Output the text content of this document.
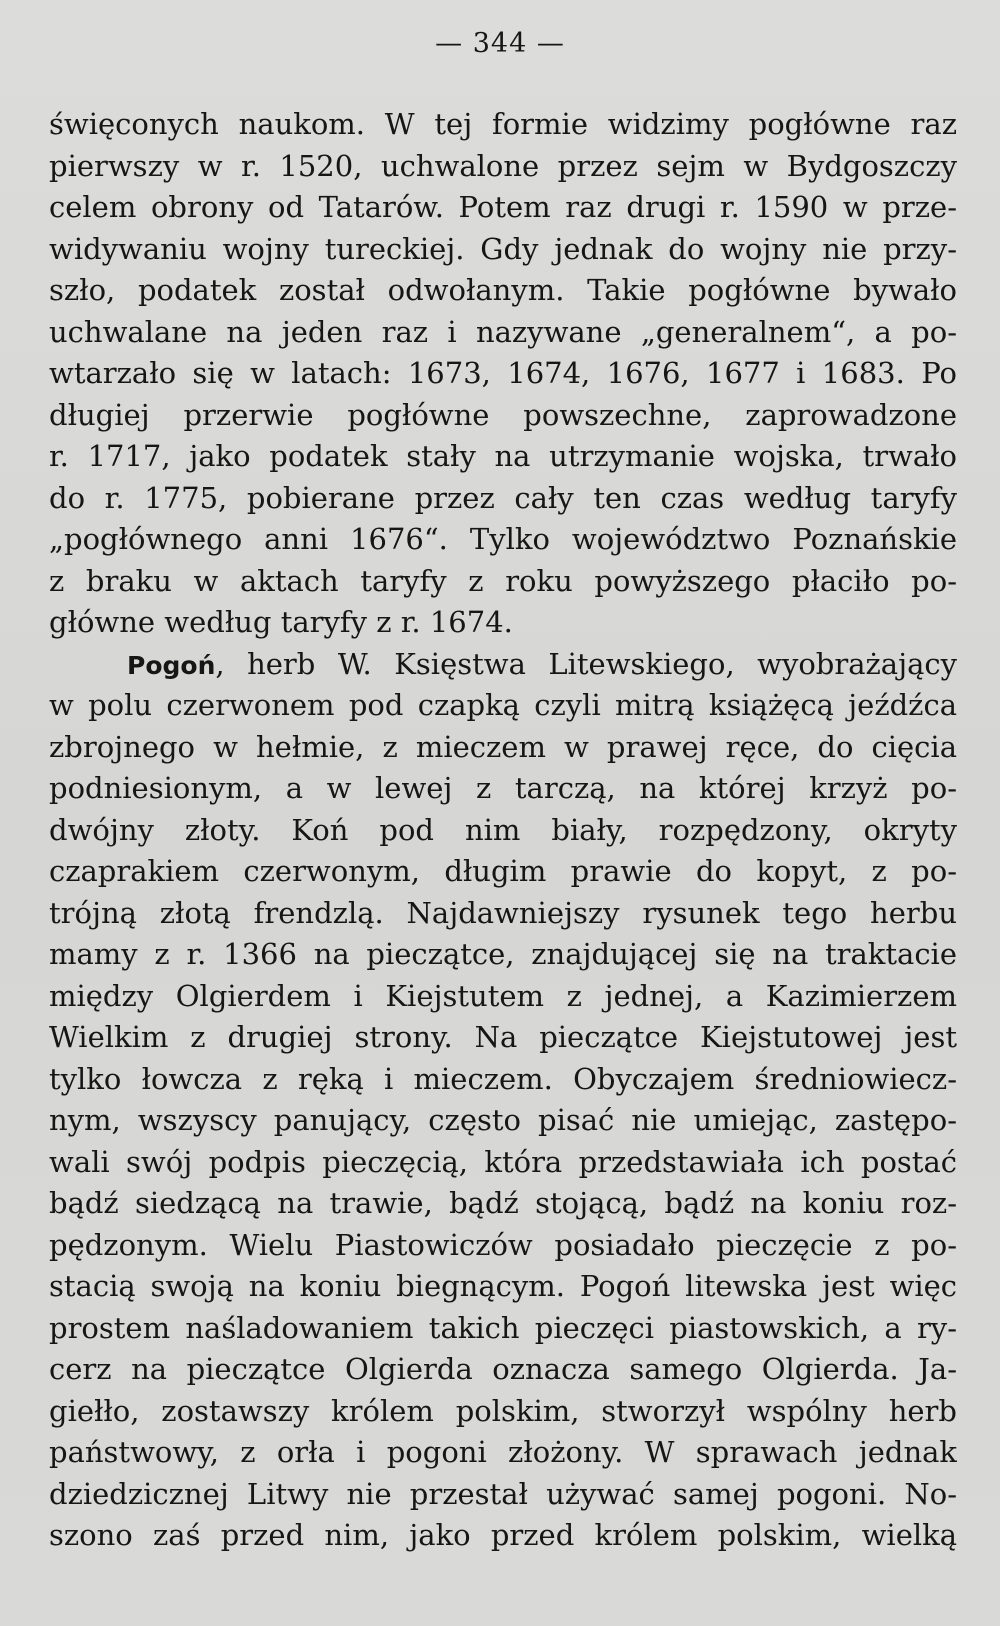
— 344 —
święconych naukom. W tej formie widzimy pogłówne raz
pierwszy w r. 1520, uchwalone przez sejm w Bydgoszczy
celem obrony od Tatarów. Potem raz drugi r. 1590 w prze-
widywaniu wojny tureckiej. Gdy jednak do wojny nie przy-
szło, podatek został odwołanym. Takie pogłówne bywało
uchwalane na jeden raz i nazywane „generalnem“, a po-
wtarzało się w latach: 1673, 1674, 1676, 1677 i 1683. Po
długiej przerwie pogłówne powszechne, zaprowadzone
r. 1717, jako podatek stały na utrzymanie wojska, trwało
do r. 1775, pobierane przez cały ten czas według taryfy
„pogłównego anni 1676“. Tylko województwo Poznańskie
z braku w aktach taryfy z roku powyższego płaciło po-
główne według taryfy z r. 1674.
Pogoń, herb W. Księstwa Litewskiego, wyobrażający
w polu czerwonem pod czapką czyli mitrą książęcą jeźdźca
zbrojnego w hełmie, z mieczem w prawej ręce, do cięcia
podniesionym, a w lewej z tarczą, na której krzyż po-
dwójny złoty. Koń pod nim biały, rozpędzony, okryty
czaprakiem czerwonym, długim prawie do kopyt, z po-
trójną złotą frendzlą. Najdawniejszy rysunek tego herbu
mamy z r. 1366 na pieczątce, znajdującej się na traktacie
między Olgierdem i Kiejstutem z jednej, a Kazimierzem
Wielkim z drugiej strony. Na pieczątce Kiejstutowej jest
tylko łowcza z ręką i mieczem. Obyczajem średniowiecz-
nym, wszyscy panujący, często pisać nie umiejąc, zastępo-
wali swój podpis pieczęcią, która przedstawiała ich postać
bądź siedzącą na trawie, bądź stojącą, bądź na koniu roz-
pędzonym. Wielu Piastowiczów posiadało pieczęcie z po-
stacią swoją na koniu biegnącym. Pogoń litewska jest więc
prostem naśladowaniem takich pieczęci piastowskich, a ry-
cerz na pieczątce Olgierda oznacza samego Olgierda. Ja-
giełło, zostawszy królem polskim, stworzył wspólny herb
państwowy, z orła i pogoni złożony. W sprawach jednak
dziedzicznej Litwy nie przestał używać samej pogoni. No-
szono zaś przed nim, jako przed królem polskim, wielką
